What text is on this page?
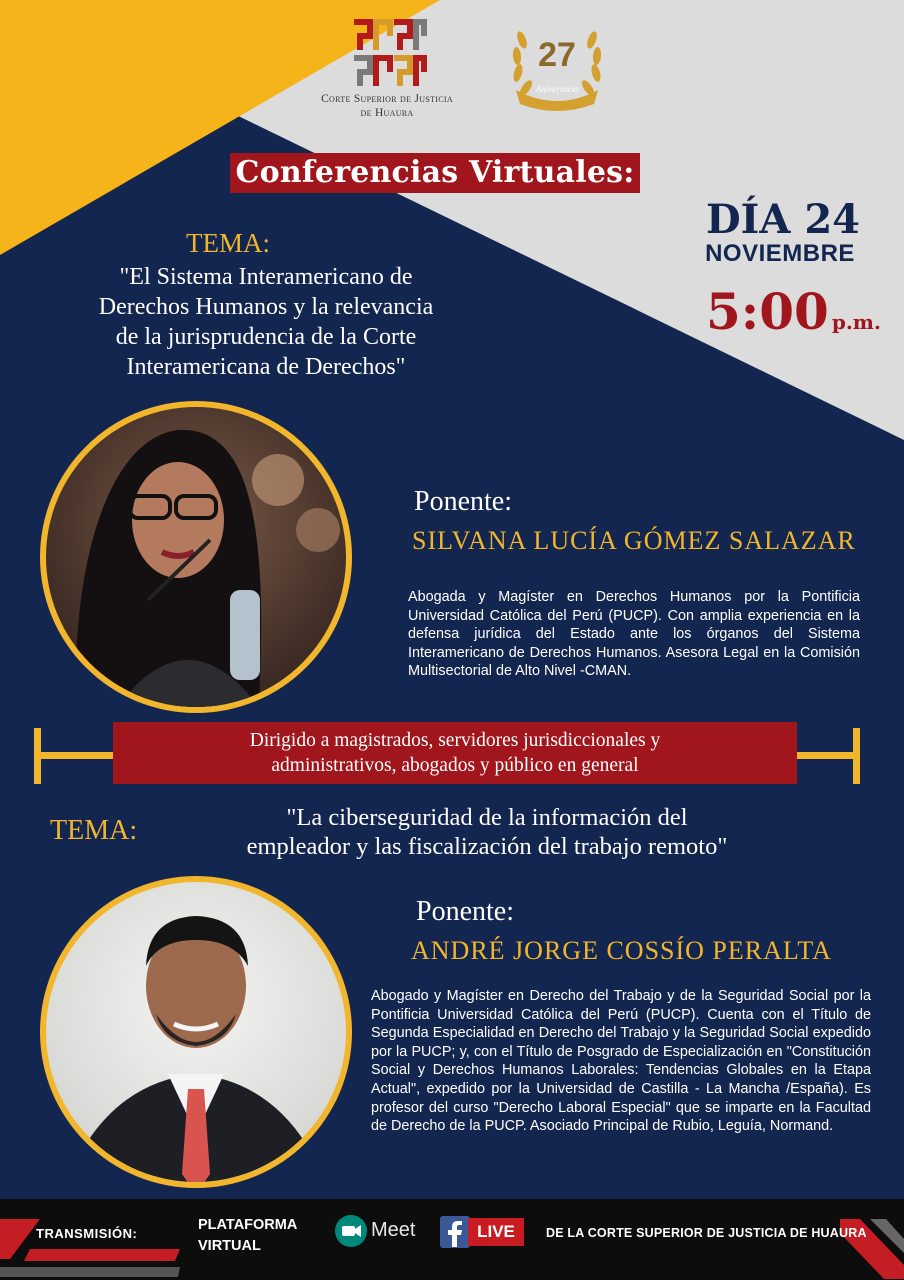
Corte Superior de Justicia
de Huaura
27
Aniversario
Conferencias Virtuales:
DÍA 24
NOVIEMBRE
5:00 p.m.
TEMA:
"El Sistema Interamericano de
Derechos Humanos y la relevancia
de la jurisprudencia de la Corte
Interamericana de Derechos"
Ponente:
SILVANA LUCÍA GÓMEZ SALAZAR
Abogada y Magíster en Derechos Humanos por la Pontificia Universidad Católica del Perú (PUCP). Con amplia experiencia en la defensa jurídica del Estado ante los órganos del Sistema Interamericano de Derechos Humanos. Asesora Legal en la Comisión Multisectorial de Alto Nivel -CMAN.
Dirigido a magistrados, servidores jurisdiccionales y
administrativos, abogados y público en general
TEMA:	"La ciberseguridad de la información del
empleador y las fiscalización del trabajo remoto"
Ponente:
ANDRÉ JORGE COSSÍO PERALTA
Abogado y Magíster en Derecho del Trabajo y de la Seguridad Social por la Pontificia Universidad Católica del Perú (PUCP). Cuenta con el Título de Segunda Especialidad en Derecho del Trabajo y la Seguridad Social expedido por la PUCP; y, con el Título de Posgrado de Especialización en "Constitución Social y Derechos Humanos Laborales: Tendencias Globales en la Etapa Actual", expedido por la Universidad de Castilla - La Mancha /España). Es profesor del curso "Derecho Laboral Especial" que se imparte en la Facultad de Derecho de la PUCP. Asociado Principal de Rubio, Leguía, Normand.
TRANSMISIÓN:
PLATAFORMA
VIRTUAL
Meet	LIVE	DE LA CORTE SUPERIOR DE JUSTICIA DE HUAURA
